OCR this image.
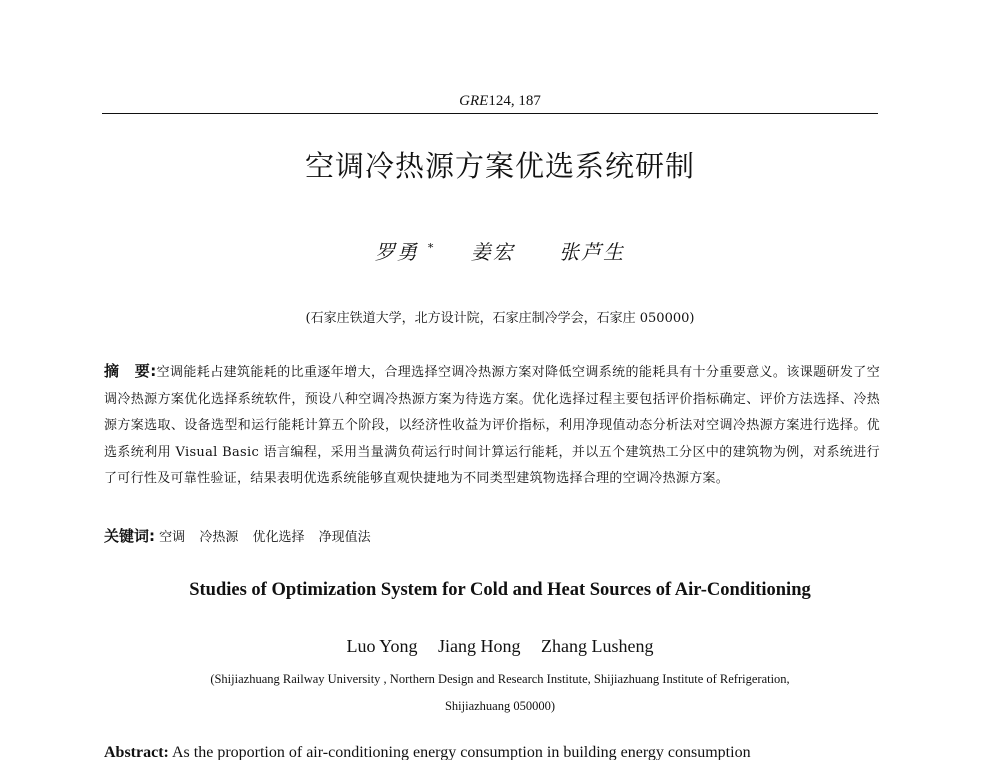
GRE124, 187
空调冷热源方案优选系统研制
罗勇 * 姜宏 张芦生
(石家庄铁道大学，北方设计院，石家庄制冷学会，石家庄 050000)
摘　要:空调能耗占建筑能耗的比重逐年增大，合理选择空调冷热源方案对降低空调系统的能耗具有十分重要意义。该课题研发了空调冷热源方案优化选择系统软件，预设八种空调冷热源方案为待选方案。优化选择过程主要包括评价指标确定、评价方法选择、冷热源方案选取、设备选型和运行能耗计算五个阶段，以经济性收益为评价指标，利用净现值动态分析法对空调冷热源方案进行选择。优选系统利用 Visual Basic 语言编程，采用当量满负荷运行时间计算运行能耗，并以五个建筑热工分区中的建筑物为例，对系统进行了可行性及可靠性验证，结果表明优选系统能够直观快捷地为不同类型建筑物选择合理的空调冷热源方案。
关键词: 空调 冷热源 优化选择 净现值法
Studies of Optimization System for Cold and Heat Sources of Air-Conditioning
Luo Yong Jiang Hong Zhang Lusheng
(Shijiazhuang Railway University , Northern Design and Research Institute, Shijiazhuang Institute of Refrigeration,
Shijiazhuang 050000)
Abstract: As the proportion of air-conditioning energy consumption in building energy consumption
